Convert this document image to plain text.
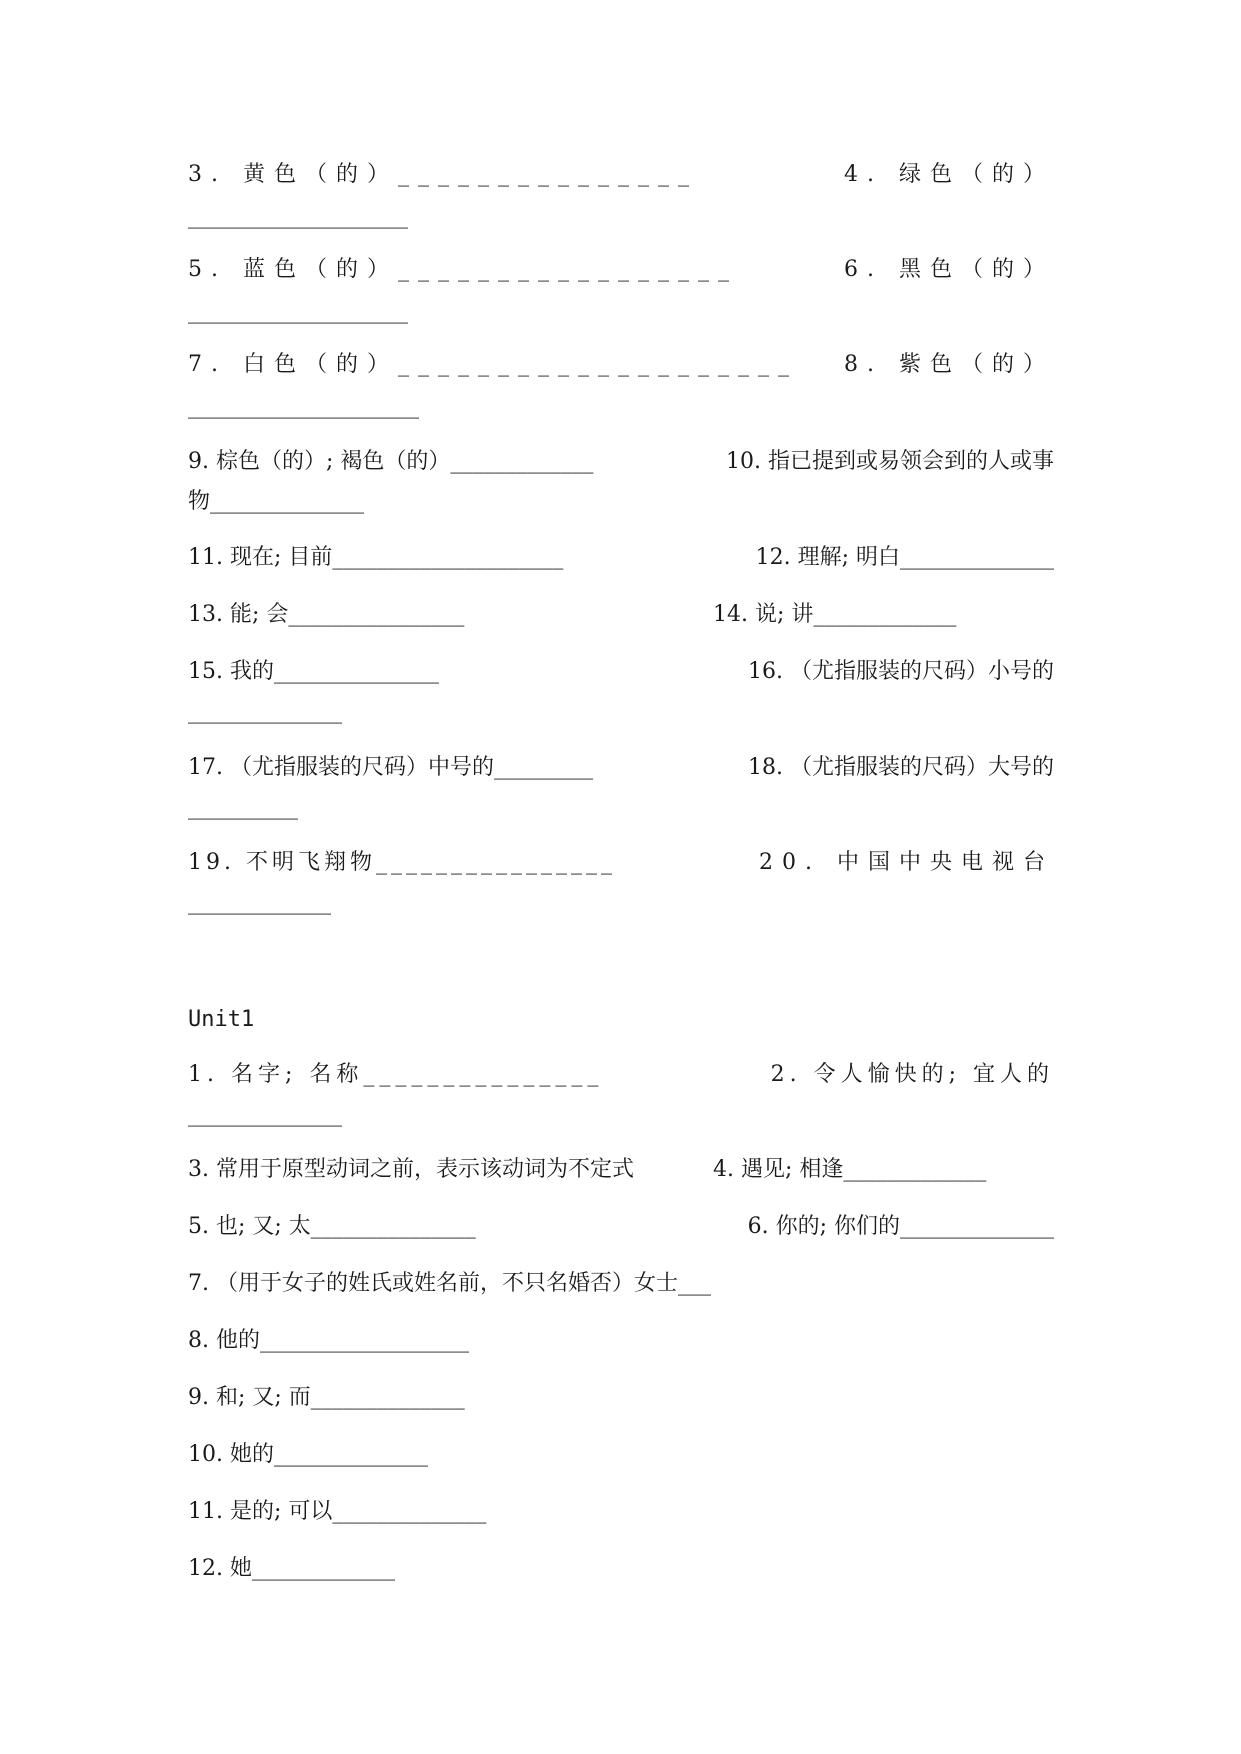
3. 黄色（的）_______________	4. 绿色（的）
____________________
5. 蓝色（的）_________________	6. 黑色（的）
____________________
7. 白色（的）____________________ 8. 紫色（的）
_____________________
9. 棕色（的）; 褐色（的）_____________	10. 指已提到或易领会到的人或事
物______________
11. 现在; 目前_____________________	12. 理解; 明白______________
13. 能; 会________________	14. 说; 讲_____________
15. 我的_______________	16. （尤指服装的尺码）小号的
______________
17. （尤指服装的尺码）中号的_________	18. （尤指服装的尺码）大号的
__________
19. 不明飞翔物________________	20. 中国中央电视台
_____________
Unit1
1. 名字; 名称_______________	2. 令人愉快的; 宜人的
______________
3. 常用于原型动词之前，表示该动词为不定式	4. 遇见; 相逢_____________
5. 也; 又; 太_______________	6. 你的; 你们的______________
7. （用于女子的姓氏或姓名前，不只名婚否）女士___
8. 他的___________________
9. 和; 又; 而______________
10. 她的______________
11. 是的; 可以______________
12. 她_____________
